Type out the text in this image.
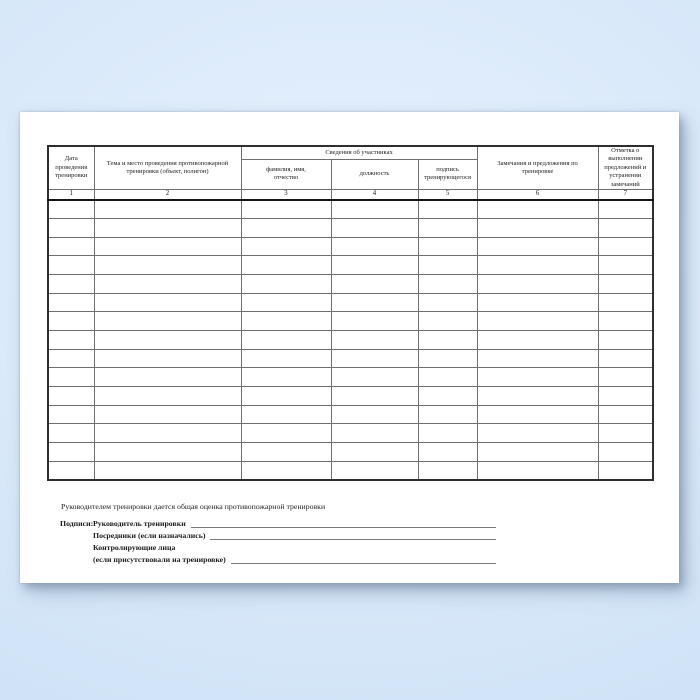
Дата проведения тренировки	Тема и место проведения противопожарной тренировки (объект, полигон)	Сведения об участниках			Замечания и предложения по тренировке	Отметка о выполнении предложений и устранении замечаний
		фамилия, имя, отчество	должность	подпись тренирующегося		
1	2	3	4	5	6	7

Руководителем тренировки дается общая оценка противопожарной тренировки
Подписи: Руководитель тренировки
Посредники (если назначались)
Контролирующие лица
(если присутствовали на тренировке)
